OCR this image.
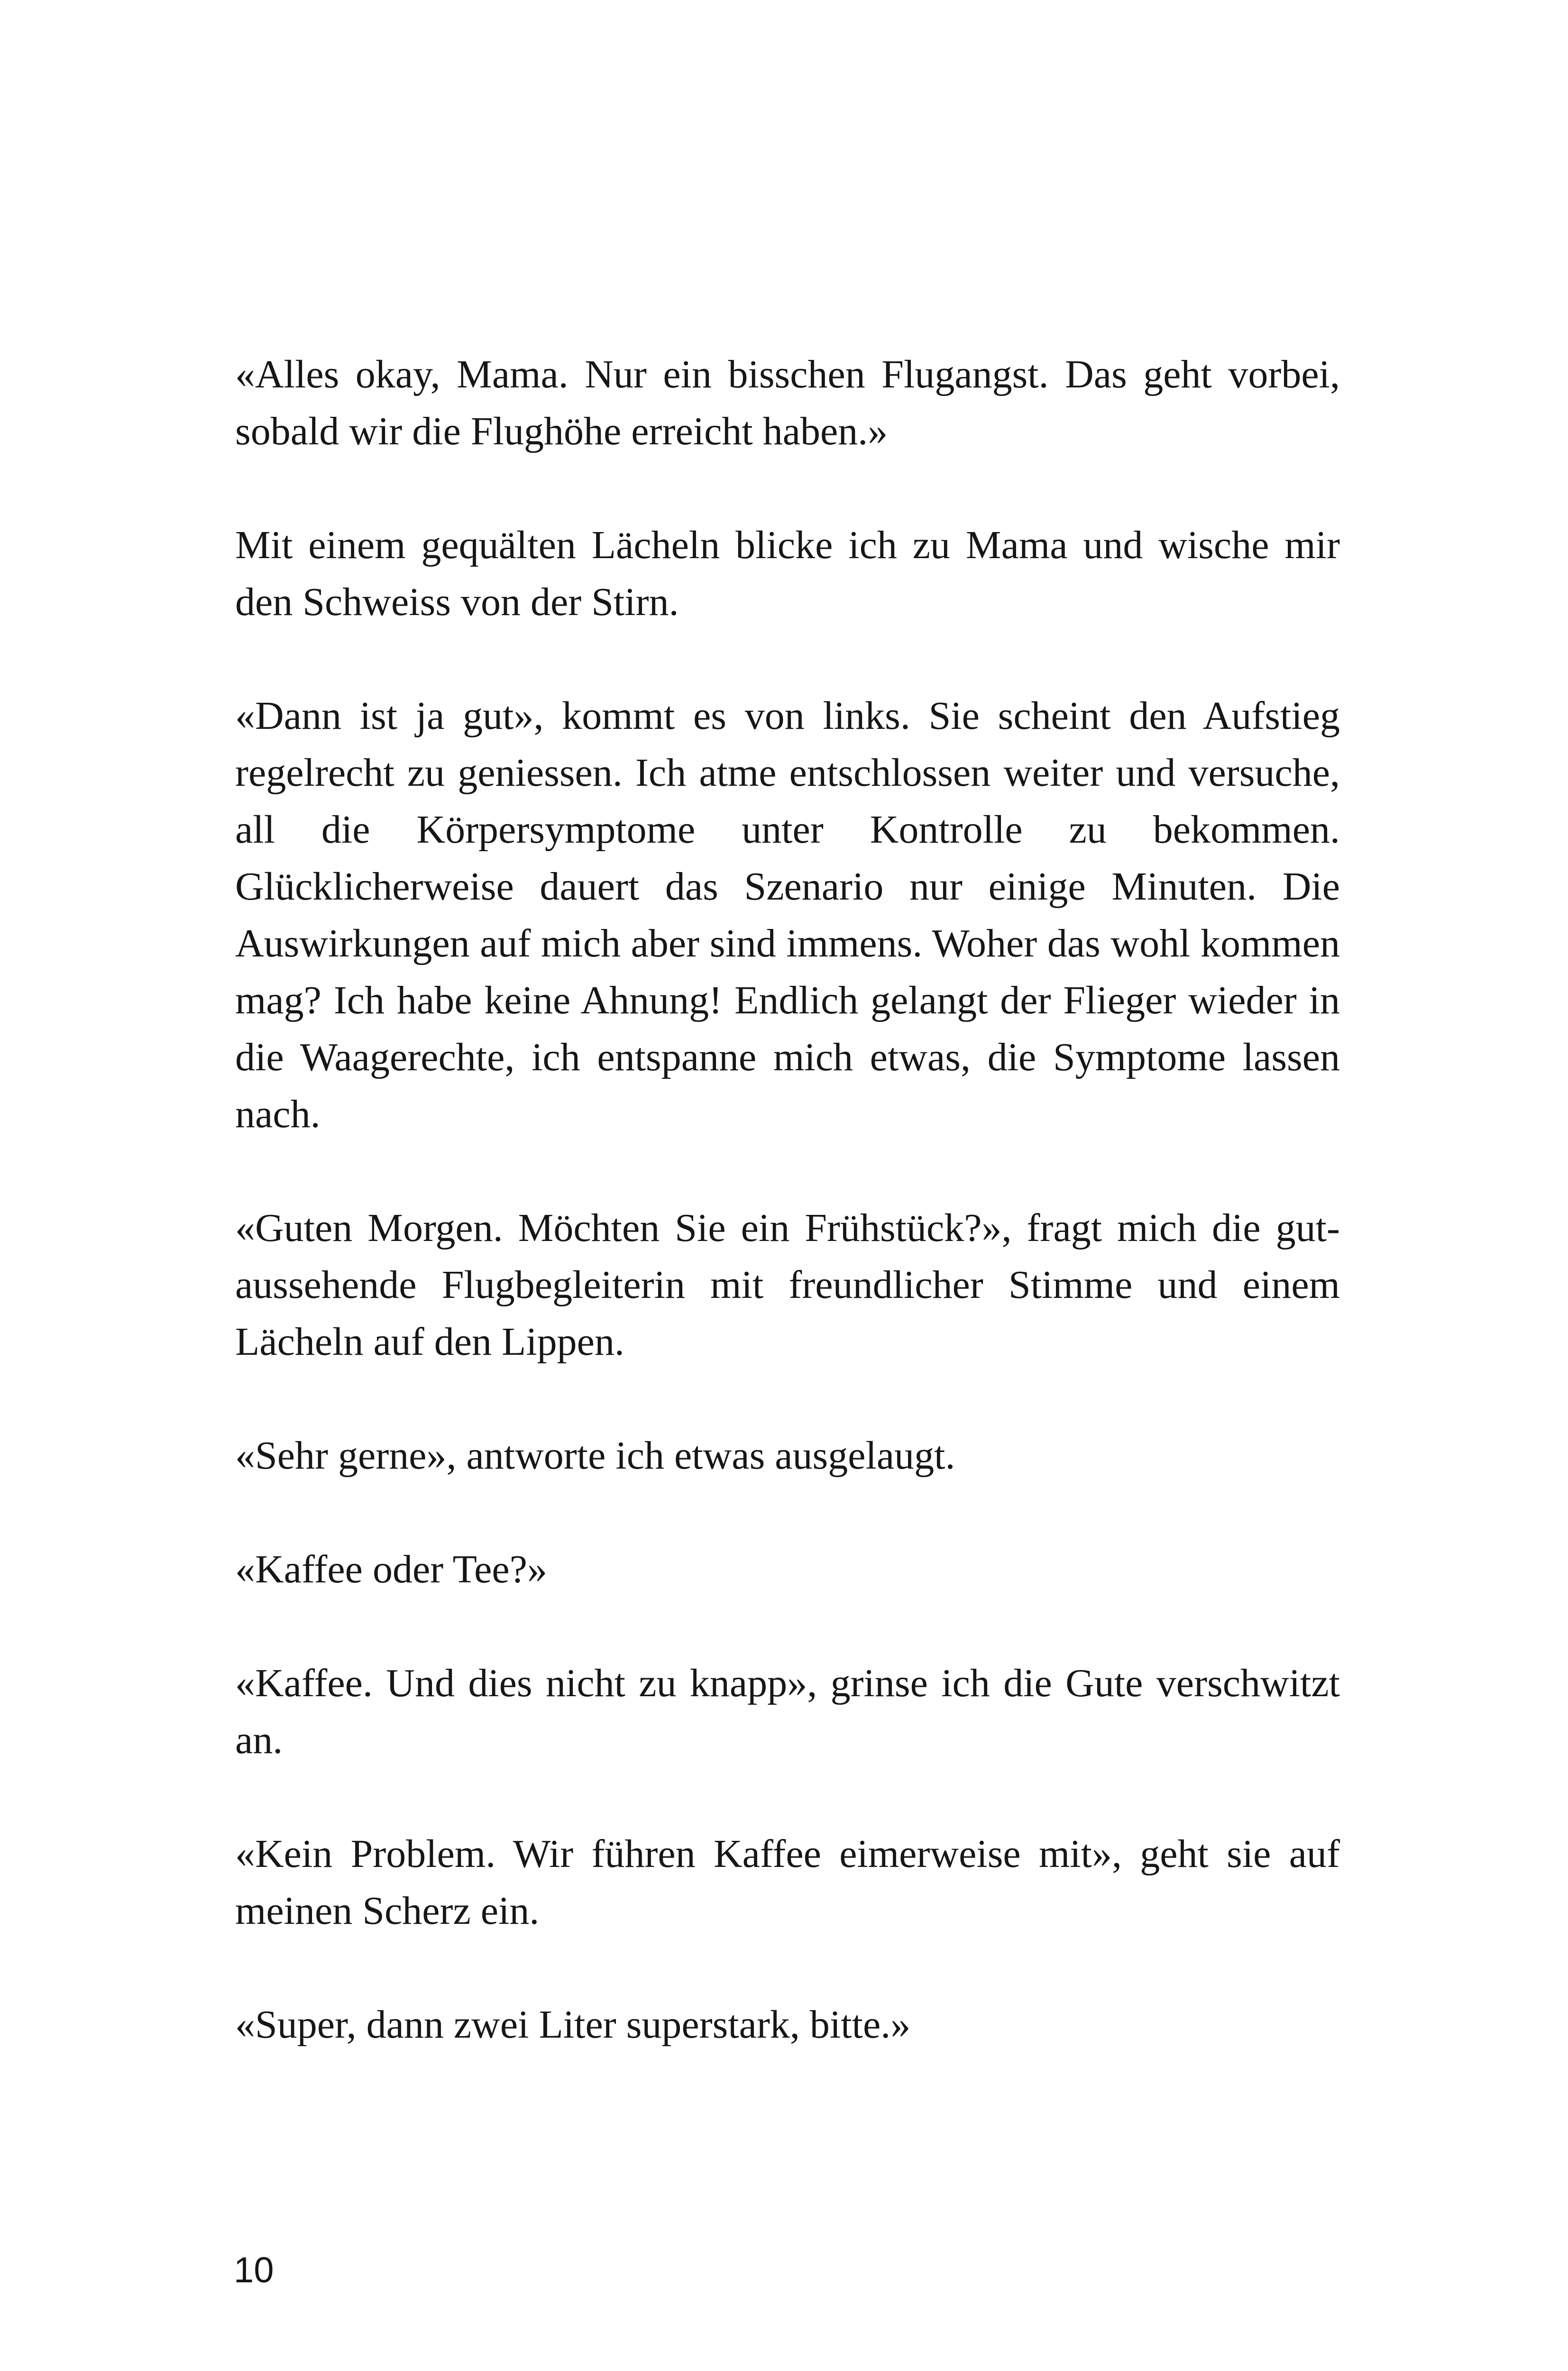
«Alles okay, Mama. Nur ein bisschen Flugangst. Das geht vorbei, sobald wir die Flughöhe erreicht haben.»

Mit einem gequälten Lächeln blicke ich zu Mama und wische mir den Schweiss von der Stirn.

«Dann ist ja gut», kommt es von links. Sie scheint den Aufstieg regelrecht zu geniessen. Ich atme entschlossen weiter und versuche, all die Körpersymptome unter Kontrolle zu bekommen. Glücklicherweise dauert das Szenario nur einige Minuten. Die Auswirkungen auf mich aber sind immens. Woher das wohl kommen mag? Ich habe keine Ahnung! Endlich gelangt der Flieger wieder in die Waagerechte, ich entspanne mich etwas, die Symptome lassen nach.

«Guten Morgen. Möchten Sie ein Frühstück?», fragt mich die gutaussehende Flugbegleiterin mit freundlicher Stimme und einem Lächeln auf den Lippen.

«Sehr gerne», antworte ich etwas ausgelaugt.

«Kaffee oder Tee?»

«Kaffee. Und dies nicht zu knapp», grinse ich die Gute verschwitzt an.

«Kein Problem. Wir führen Kaffee eimerweise mit», geht sie auf meinen Scherz ein.

«Super, dann zwei Liter superstark, bitte.»

10
